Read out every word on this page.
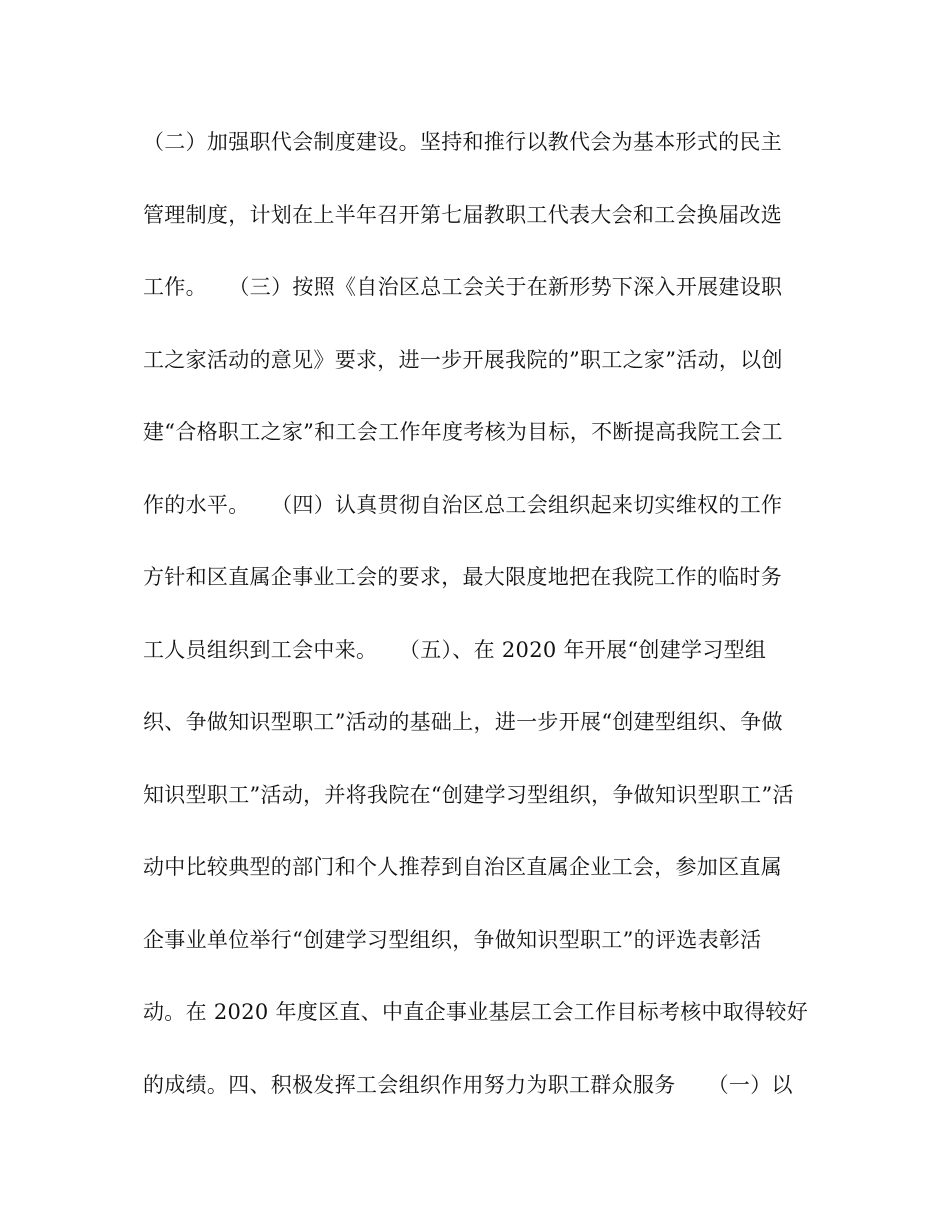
（二）加强职代会制度建设。坚持和推行以教代会为基本形式的民主
管理制度，计划在上半年召开第七届教职工代表大会和工会换届改选
工作。　　（三）按照《自治区总工会关于在新形势下深入开展建设职
工之家活动的意见》要求，进一步开展我院的”职工之家”活动，以创
建“合格职工之家”和工会工作年度考核为目标，不断提高我院工会工
作的水平。　　（四）认真贯彻自治区总工会组织起来切实维权的工作
方针和区直属企事业工会的要求，最大限度地把在我院工作的临时务
工人员组织到工会中来。　　（五）、在 2020 年开展“创建学习型组
织、争做知识型职工”活动的基础上，进一步开展“创建型组织、争做
知识型职工”活动，并将我院在“创建学习型组织，争做知识型职工”活
动中比较典型的部门和个人推荐到自治区直属企业工会，参加区直属
企事业单位举行“创建学习型组织，争做知识型职工”的评选表彰活
动。在 2020 年度区直、中直企事业基层工会工作目标考核中取得较好
的成绩。四、积极发挥工会组织作用努力为职工群众服务　　（一）以
